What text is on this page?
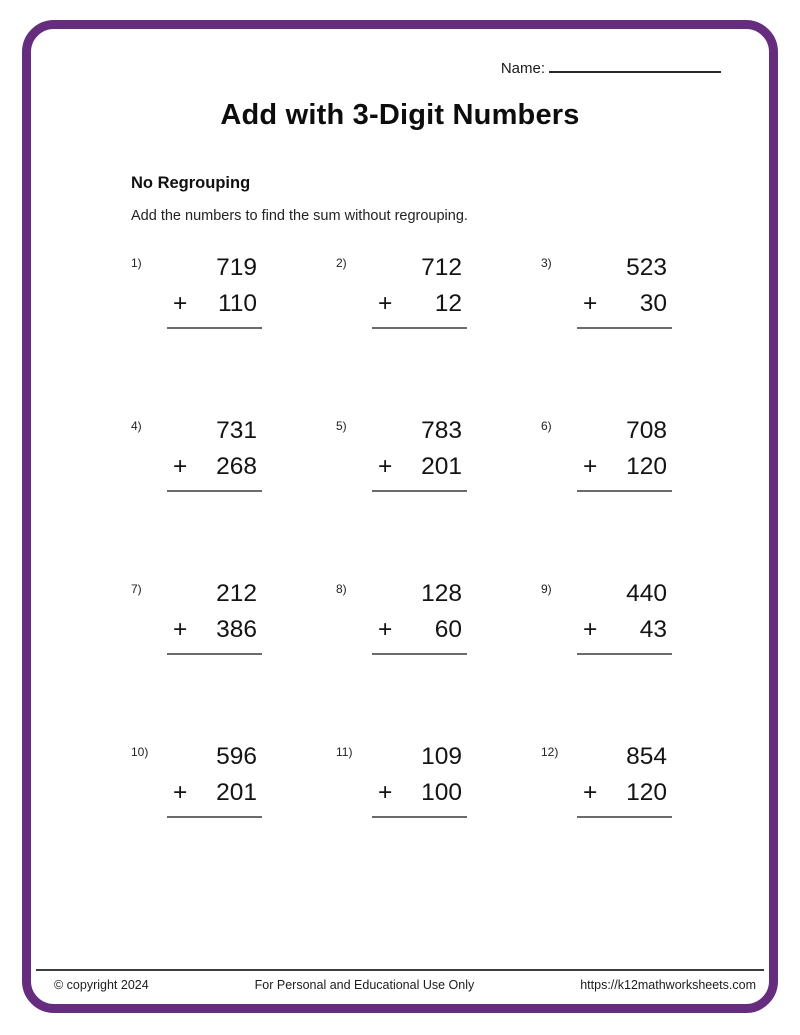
Name:
Add with 3-Digit Numbers
No Regrouping
Add the numbers to find the sum without regrouping.
1)	719
+ 110
2)	712
+ 12
3)	523
+ 30
4)	731
+ 268
5)	783
+ 201
6)	708
+ 120
7)	212
+ 386
8)	128
+ 60
9)	440
+ 43
10)	596
+ 201
11)	109
+ 100
12)	854
+ 120
© copyright 2024	For Personal and Educational Use Only	https://k12mathworksheets.com
